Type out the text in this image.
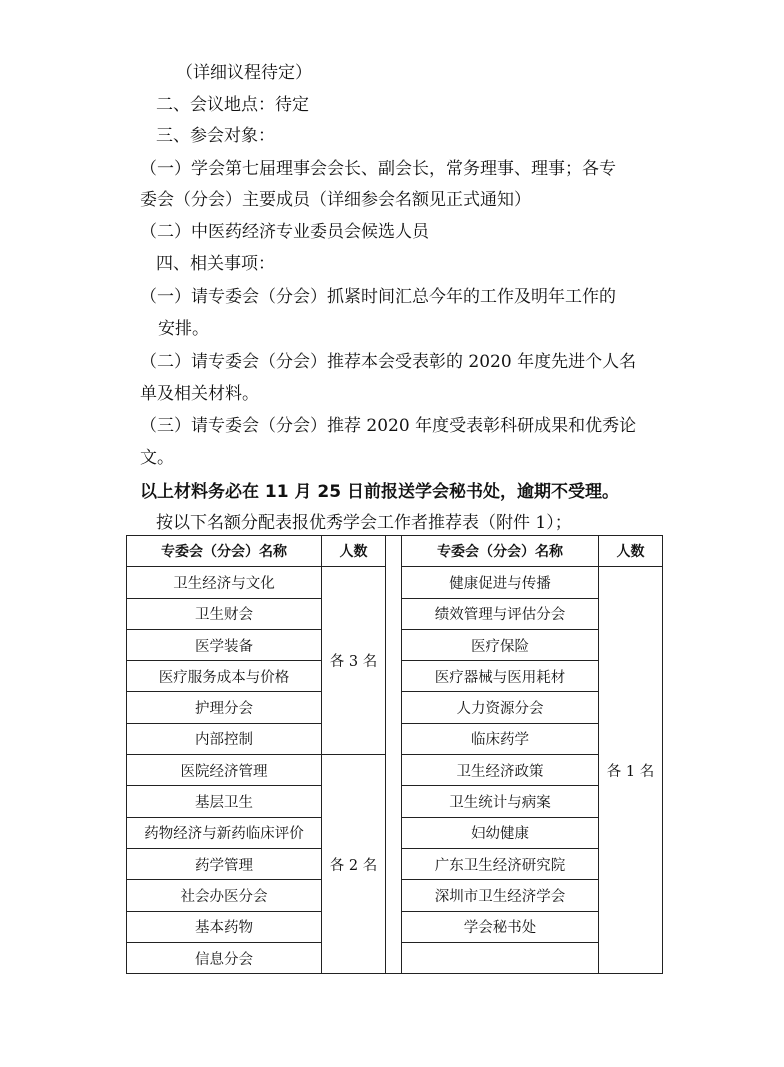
（详细议程待定）
二、会议地点：待定
三、参会对象：
（一）学会第七届理事会会长、副会长，常务理事、理事；各专
委会（分会）主要成员（详细参会名额见正式通知）
（二）中医药经济专业委员会候选人员
四、相关事项：
（一）请专委会（分会）抓紧时间汇总今年的工作及明年工作的
安排。
（二）请专委会（分会）推荐本会受表彰的 2020 年度先进个人名
单及相关材料。
（三）请专委会（分会）推荐 2020 年度受表彰科研成果和优秀论
文。
以上材料务必在 11 月 25 日前报送学会秘书处，逾期不受理。
按以下名额分配表报优秀学会工作者推荐表（附件 1）；
专委会（分会）名称	人数		专委会（分会）名称	人数
卫生经济与文化	各 3 名		健康促进与传播	各 1 名
卫生财会			绩效管理与评估分会	
医学装备			医疗保险	
医疗服务成本与价格			医疗器械与医用耗材	
护理分会			人力资源分会	
内部控制			临床药学	
医院经济管理	各 2 名		卫生经济政策	
基层卫生			卫生统计与病案	
药物经济与新药临床评价			妇幼健康	
药学管理			广东卫生经济研究院	
社会办医分会			深圳市卫生经济学会	
基本药物			学会秘书处	
信息分会				
